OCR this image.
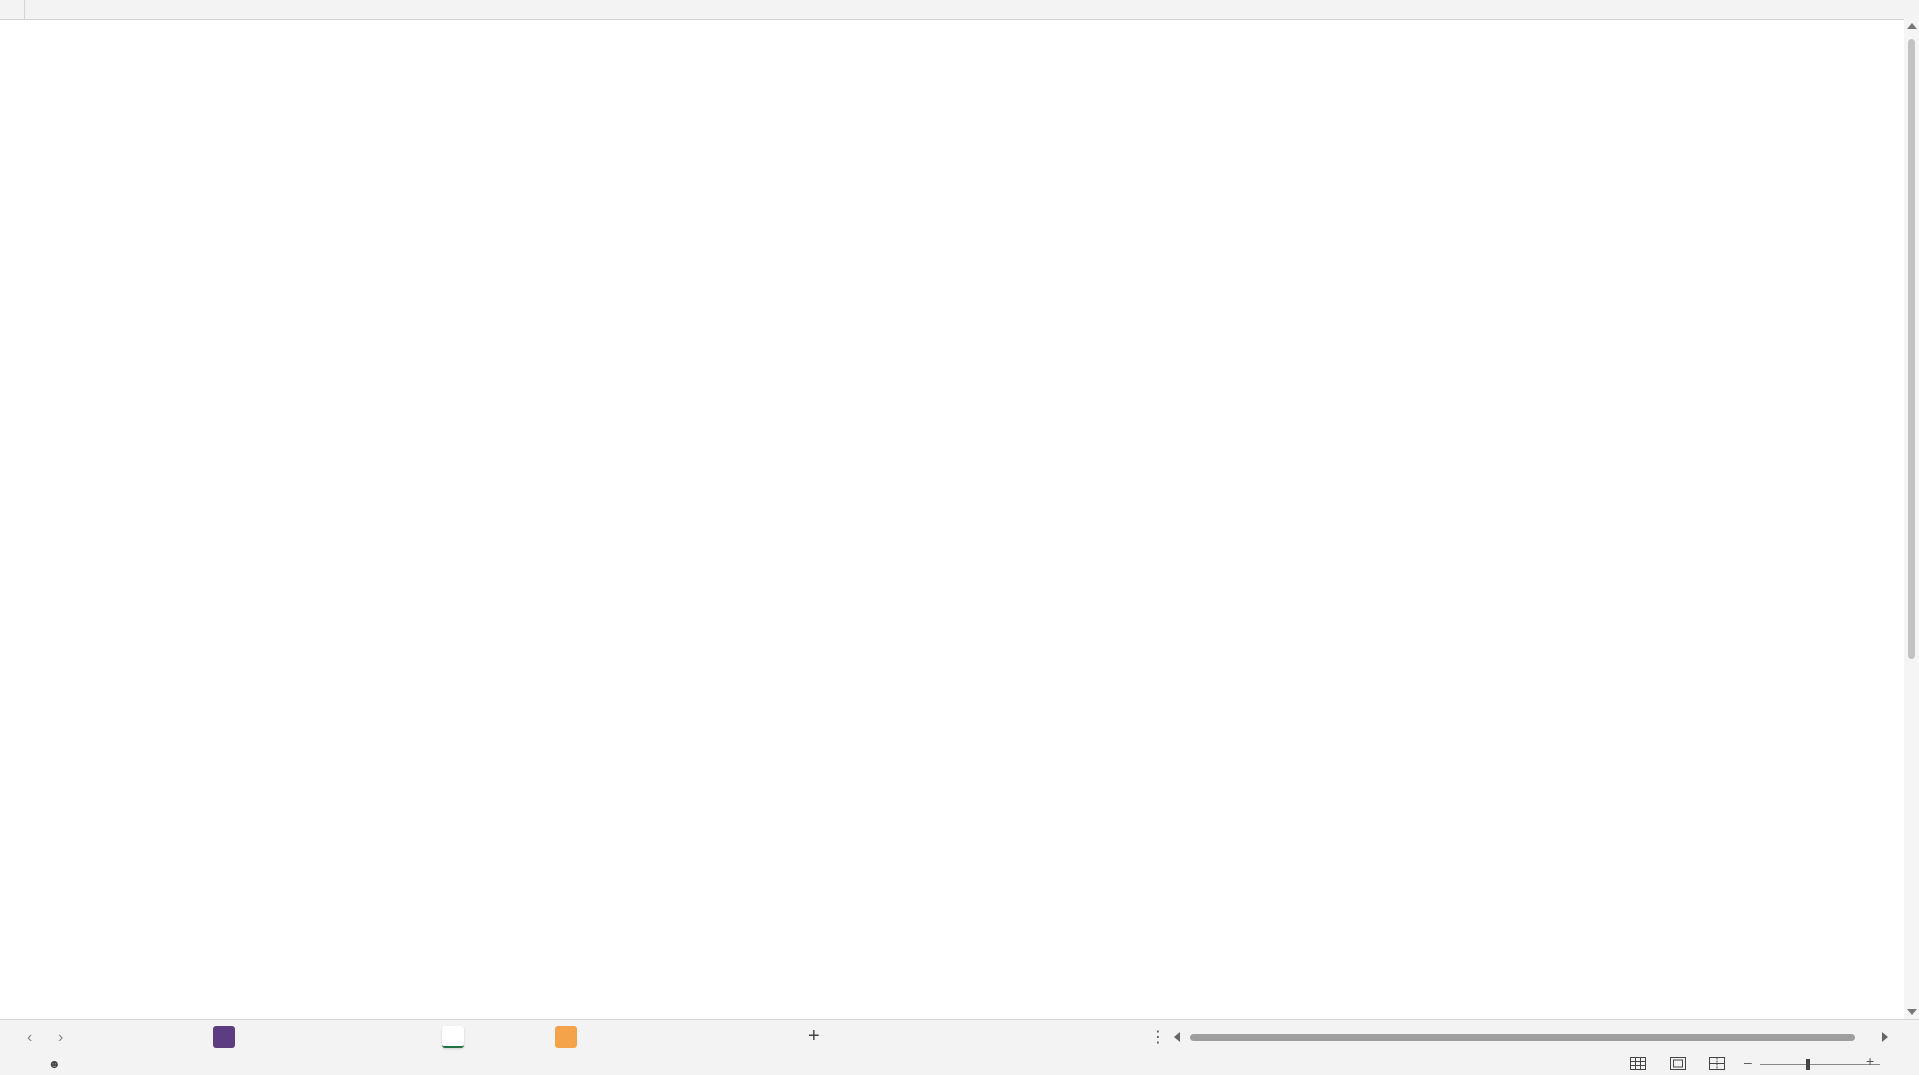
‹ ›	+	⋮
☻	–	+
